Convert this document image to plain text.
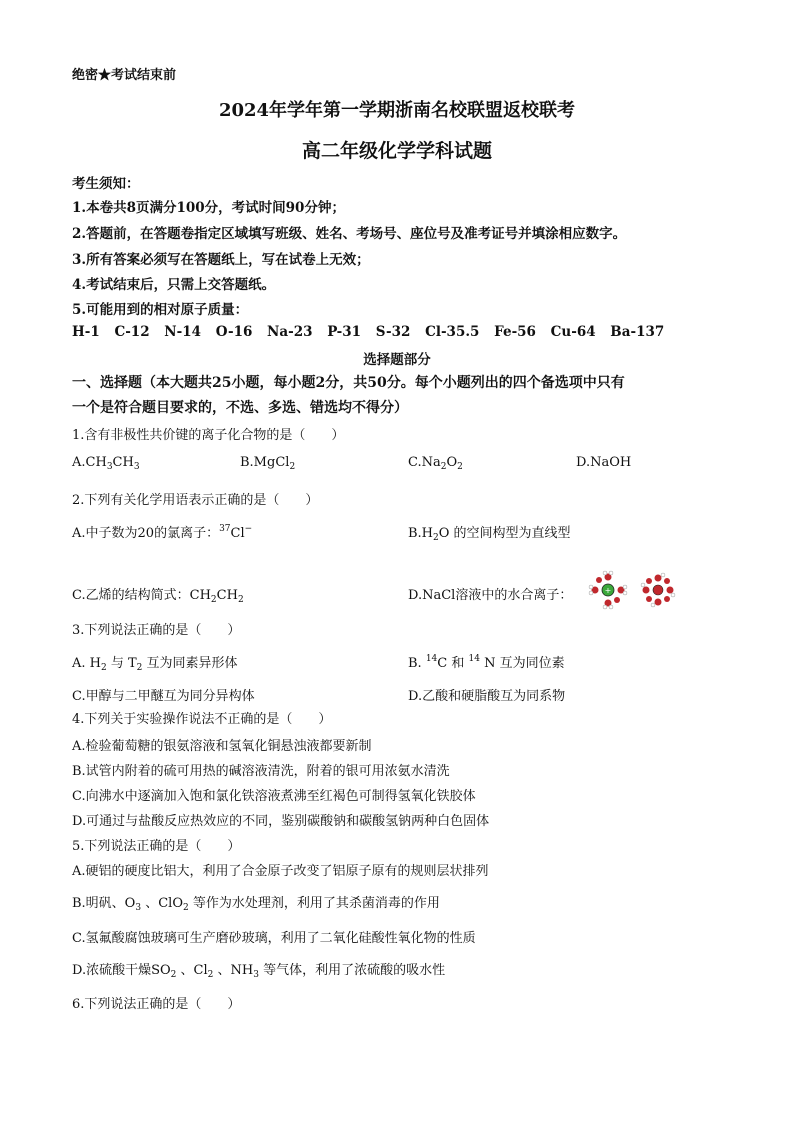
绝密★考试结束前
2024年学年第一学期浙南名校联盟返校联考
高二年级化学学科试题
考生须知：
1.本卷共8页满分100分，考试时间90分钟；
2.答题前，在答题卷指定区域填写班级、姓名、考场号、座位号及准考证号并填涂相应数字。
3.所有答案必须写在答题纸上，写在试卷上无效；
4.考试结束后，只需上交答题纸。
5.可能用到的相对原子质量：
H-1 C-12 N-14 O-16 Na-23 P-31 S-32 Cl-35.5 Fe-56 Cu-64 Ba-137
选择题部分
一、选择题（本大题共25小题，每小题2分，共50分。每个小题列出的四个备选项中只有
一个是符合题目要求的，不选、多选、错选均不得分）
1.含有非极性共价键的离子化合物的是（　　）
$A.CH_3CH_3$	B.MgCl$_2$	$C.Na_2O_2$	D.NaOH
2.下列有关化学用语表示正确的是（　　）
A.中子数为20的氯离子：$^{37}$Cl−	$B.H_2O$ 的空间构型为直线型
C.乙烯的结构简式：$CH_2CH_2$	D.NaCl溶液中的水合离子：	+
3.下列说法正确的是（　　）
A. $H_2$ 与 $T_2$ 互为同素异形体	B. $^{14}$C 和 $^{14}$ N 互为同位素
C.甲醇与二甲醚互为同分异构体	D.乙酸和硬脂酸互为同系物
4.下列关于实验操作说法不正确的是（　　）
A.检验葡萄糖的银氨溶液和氢氧化铜悬浊液都要新制
B.试管内附着的硫可用热的碱溶液清洗，附着的银可用浓氨水清洗
C.向沸水中逐滴加入饱和氯化铁溶液煮沸至红褐色可制得氢氧化铁胶体
D.可通过与盐酸反应热效应的不同，鉴别碳酸钠和碳酸氢钠两种白色固体
5.下列说法正确的是（　　）
A.硬铝的硬度比铝大，利用了合金原子改变了铝原子原有的规则层状排列
B.明矾、$O_3$ 、ClO$_2$ 等作为水处理剂，利用了其杀菌消毒的作用
C.氢氟酸腐蚀玻璃可生产磨砂玻璃，利用了二氧化硅酸性氧化物的性质
D.浓硫酸干燥$SO_2$ 、$Cl_2$ 、$NH_3$ 等气体，利用了浓硫酸的吸水性
6.下列说法正确的是（　　）
